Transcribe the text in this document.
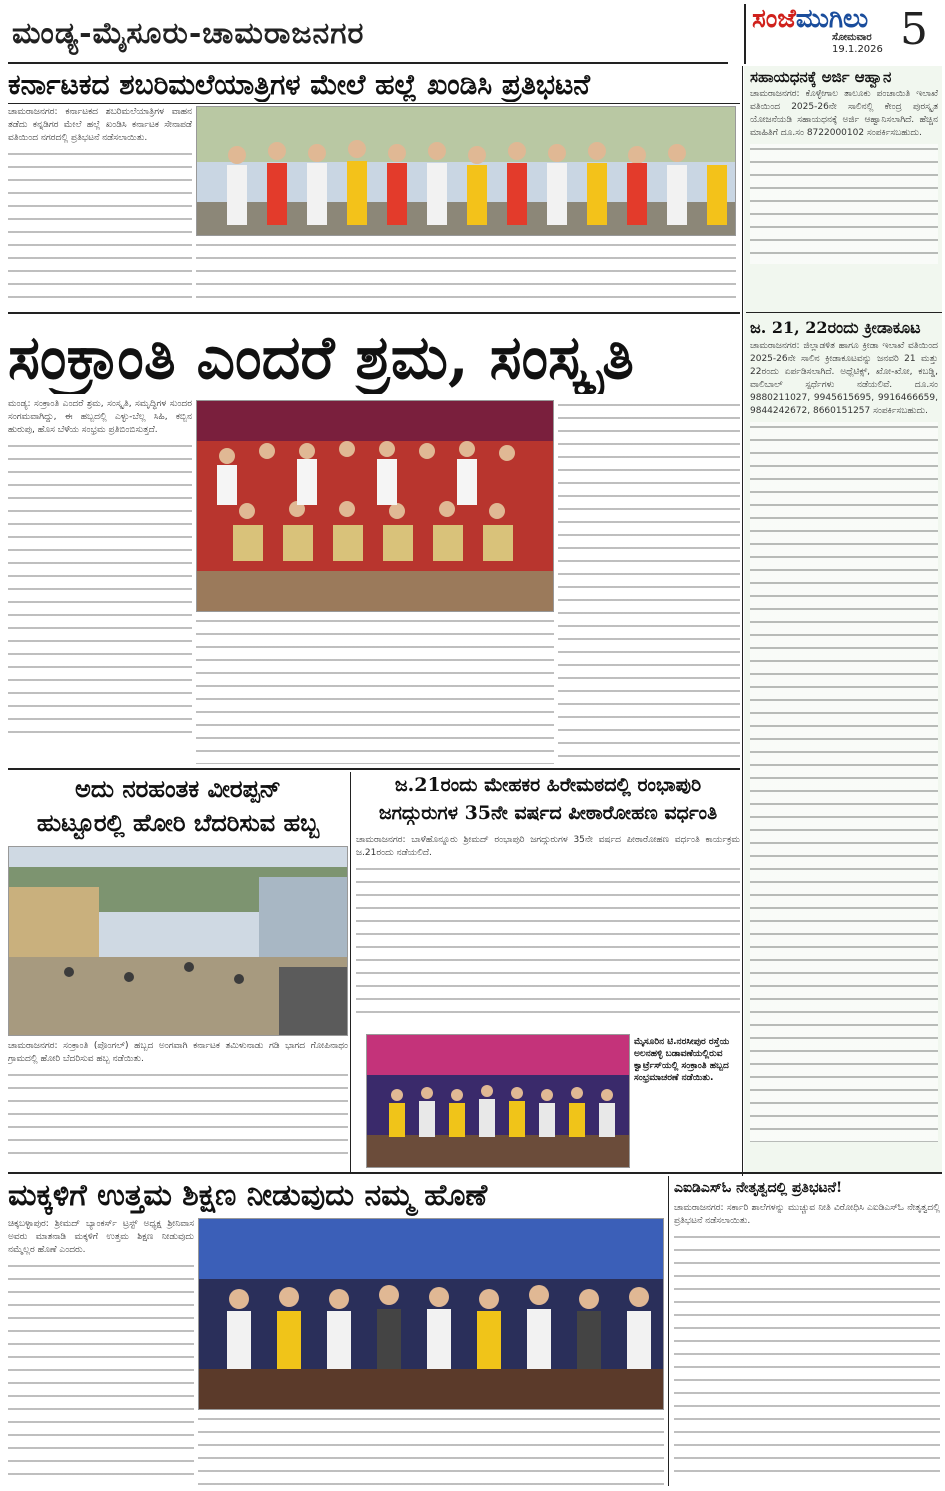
ಮಂಡ್ಯ-ಮೈಸೂರು-ಚಾಮರಾಜನಗರ	ಸಂಜೆಮುಗಿಲು
ಸೋಮವಾರ
19.1.2026 5
ಕರ್ನಾಟಕದ ಶಬರಿಮಲೆಯಾತ್ರಿಗಳ ಮೇಲೆ ಹಲ್ಲೆ ಖಂಡಿಸಿ ಪ್ರತಿಭಟನೆ
ಚಾಮರಾಜನಗರ: ಕರ್ನಾಟಕದ ಶಬರಿಮಲೆಯಾತ್ರಿಗಳ ವಾಹನ ತಡೆದು ಕನ್ನಡಿಗರ ಮೇಲೆ ಹಲ್ಲೆ ಖಂಡಿಸಿ ಕರ್ನಾಟಕ ಸೇನಾಪಡೆ ವತಿಯಿಂದ ನಗರದಲ್ಲಿ ಪ್ರತಿಭಟನೆ ನಡೆಸಲಾಯಿತು.
ಸಹಾಯಧನಕ್ಕೆ ಅರ್ಜಿ ಆಹ್ವಾನ
ಚಾಮರಾಜನಗರ: ಕೊಳ್ಳೇಗಾಲ ತಾಲೂಕು ಪಂಚಾಯಿತಿ ಇಲಾಖೆ ವತಿಯಿಂದ 2025-26ನೇ ಸಾಲಿನಲ್ಲಿ ಕೇಂದ್ರ ಪುರಸ್ಕೃತ ಯೋಜನೆಯಡಿ ಸಹಾಯಧನಕ್ಕೆ ಅರ್ಜಿ ಆಹ್ವಾನಿಸಲಾಗಿದೆ. ಹೆಚ್ಚಿನ ಮಾಹಿತಿಗೆ ದೂ.ಸಂ 8722000102 ಸಂಪರ್ಕಿಸಬಹುದು.
ಸಂಕ್ರಾಂತಿ ಎಂದರೆ ಶ್ರಮ, ಸಂಸ್ಕೃತಿ
ಮಂಡ್ಯ: ಸಂಕ್ರಾಂತಿ ಎಂದರೆ ಶ್ರಮ, ಸಂಸ್ಕೃತಿ, ಸಮೃದ್ಧಿಗಳ ಸುಂದರ ಸಂಗಮವಾಗಿದ್ದು, ಈ ಹಬ್ಬದಲ್ಲಿ ಎಳ್ಳು-ಬೆಲ್ಲ ಸಿಹಿ, ಕಬ್ಬಿನ ಹುರುಪು, ಹೊಸ ಬೆಳೆಯ ಸಂಭ್ರಮ ಪ್ರತಿಬಿಂಬಿಸುತ್ತದೆ.
ಜ. 21, 22ರಂದು ಕ್ರೀಡಾಕೂಟ
ಚಾಮರಾಜನಗರ: ಜಿಲ್ಲಾಡಳಿತ ಹಾಗೂ ಕ್ರೀಡಾ ಇಲಾಖೆ ವತಿಯಿಂದ 2025-26ನೇ ಸಾಲಿನ ಕ್ರೀಡಾಕೂಟವನ್ನು ಜನವರಿ 21 ಮತ್ತು 22ರಂದು ಏರ್ಪಡಿಸಲಾಗಿದೆ. ಅಥ್ಲೆಟಿಕ್ಸ್, ಖೋ-ಖೋ, ಕಬಡ್ಡಿ, ವಾಲಿಬಾಲ್ ಸ್ಪರ್ಧೆಗಳು ನಡೆಯಲಿವೆ. ದೂ.ಸಂ 9880211027, 9945615695, 9916466659, 9844242672, 8660151257 ಸಂಪರ್ಕಿಸಬಹುದು.
ಅದು ನರಹಂತಕ ವೀರಪ್ಪನ್
ಹುಟ್ಟೂರಲ್ಲಿ ಹೋರಿ ಬೆದರಿಸುವ ಹಬ್ಬ
ಚಾಮರಾಜನಗರ: ಸಂಕ್ರಾಂತಿ (ಪೊಂಗಲ್) ಹಬ್ಬದ ಅಂಗವಾಗಿ ಕರ್ನಾಟಕ ತಮಿಳುನಾಡು ಗಡಿ ಭಾಗದ ಗೋಪಿನಾಥಂ ಗ್ರಾಮದಲ್ಲಿ ಹೋರಿ ಬೆದರಿಸುವ ಹಬ್ಬ ನಡೆಯಿತು.
ಜ.21ರಂದು ಮೇಹಕರ ಹಿರೇಮಠದಲ್ಲಿ ರಂಭಾಪುರಿ
ಜಗದ್ಗುರುಗಳ 35ನೇ ವರ್ಷದ ಪೀಠಾರೋಹಣ ವರ್ಧಂತಿ
ಚಾಮರಾಜನಗರ: ಬಾಳೆಹೊನ್ನೂರು ಶ್ರೀಮದ್ ರಂಭಾಪುರಿ ಜಗದ್ಗುರುಗಳ 35ನೇ ವರ್ಷದ ಪೀಠಾರೋಹಣ ವರ್ಧಂತಿ ಕಾರ್ಯಕ್ರಮ ಜ.21ರಂದು ನಡೆಯಲಿದೆ.
ಮೈಸೂರಿನ ಟಿ.ನರಸೀಪುರ ರಸ್ತೆಯ ಅಲನಹಳ್ಳಿ ಬಡಾವಣೆಯಲ್ಲಿರುವ ಕ್ವಾರ್ಟ್ರೆಸ್‌ಯಲ್ಲಿ ಸಂಕ್ರಾಂತಿ ಹಬ್ಬದ ಸಂಭ್ರಮಾಚರಣೆ ನಡೆಯಿತು.
ಮಕ್ಕಳಿಗೆ ಉತ್ತಮ ಶಿಕ್ಷಣ ನೀಡುವುದು ನಮ್ಮ ಹೊಣೆ
ಚಿಕ್ಕಬಳ್ಳಾಪುರ: ಶ್ರೀಮದ್ ಬ್ಯಾಂಕರ್ಸ್ ಟ್ರಸ್ಟ್ ಅಧ್ಯಕ್ಷ ಶ್ರೀನಿವಾಸ ಅವರು ಮಾತನಾಡಿ ಮಕ್ಕಳಿಗೆ ಉತ್ತಮ ಶಿಕ್ಷಣ ನೀಡುವುದು ನಮ್ಮೆಲ್ಲರ ಹೊಣೆ ಎಂದರು.
ಎಐಡಿಎಸ್‌ಓ ನೇತೃತ್ವದಲ್ಲಿ ಪ್ರತಿಭಟನೆ!
ಚಾಮರಾಜನಗರ: ಸರ್ಕಾರಿ ಶಾಲೆಗಳನ್ನು ಮುಚ್ಚುವ ನೀತಿ ವಿರೋಧಿಸಿ ಎಐಡಿಎಸ್‌ಓ ನೇತೃತ್ವದಲ್ಲಿ ಪ್ರತಿಭಟನೆ ನಡೆಸಲಾಯಿತು.
